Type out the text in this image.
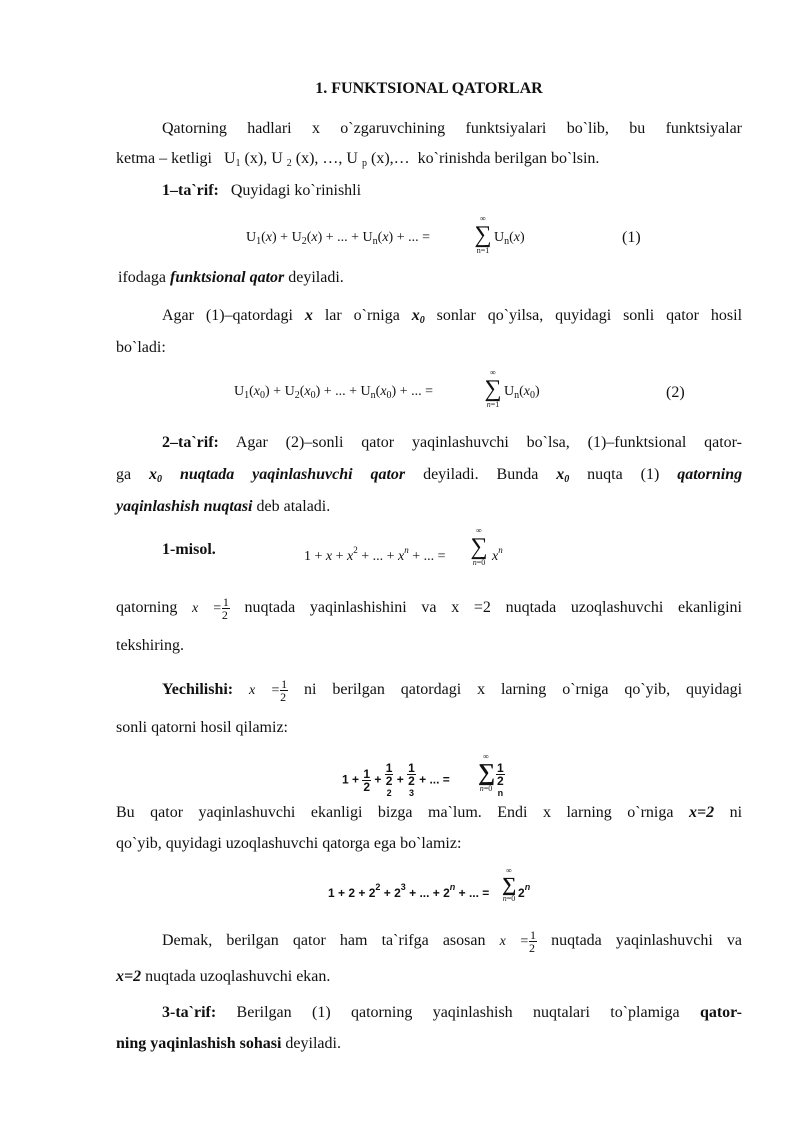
1. FUNKTSIONAL QATORLAR
Qatorning hadlari x o`zgaruvchining funktsiyalari bo`lib, bu funktsiyalar
ketma – ketligi $U_1$ (x), U $_2$ (x), …, U $_p$ (x),… ko`rinishda berilgan bo`lsin.
1–ta`rif: Quyidagi ko`rinishli
$U_1(x) + U_2(x)$ + ... + $U_n(x)$ + ... =
∞
∑
n=1
$U_n(x)$	(1)
ifodaga funktsional qator deyiladi.
Agar (1)–qatordagi x lar o`rniga $x_0$ sonlar qo`yilsa, quyidagi sonli qator hosil
bo`ladi:
$U_1(x_0) + U_2(x_0)$ + ... + $U_n(x_0)$ + ... =
∞
∑
n=1
$U_n(x_0)$	(2)
2–ta`rif: Agar (2)–sonli qator yaqinlashuvchi bo`lsa, (1)–funktsional qator-
ga $x_0$ nuqtada yaqinlashuvchi qator deyiladi. Bunda $x_0$ nuqta (1) qatorning
yaqinlashish nuqtasi deb ataladi.
1-misol.	$1 + x + x^2$ + ... + $x^n$ + ... =
∞
∑
n=0 $x^n$
qatorning $x = \frac{1}{2}$ nuqtada yaqinlashishini va x =2 nuqtada uzoqlashuvchi ekanligini
tekshiring.
Yechilishi: $x = \frac{1}{2}$ ni berilgan qatordagi x larning o`rniga qo`yib, quyidagi
sonli qatorni hosil qilamiz:
$1 + \frac{1}{2} + 1$
2
2 + 1
2
3 + ... =
∞
∑
n=0 1
2
n
Bu qator yaqinlashuvchi ekanligi bizga ma`lum. Endi x larning o`rniga x=2 ni
qo`yib, quyidagi uzoqlashuvchi qatorga ega bo`lamiz:
$1 + 2 + 2^2 + 2^3$ + ... + $2^n$ + ... =
∞
∑
n=0 2$^n$
Demak, berilgan qator ham ta`rifga asosan $x = \frac{1}{2}$ nuqtada yaqinlashuvchi va
x=2 nuqtada uzoqlashuvchi ekan.
3-ta`rif: Berilgan (1) qatorning yaqinlashish nuqtalari to`plamiga qator-
ning yaqinlashish sohasi deyiladi.
